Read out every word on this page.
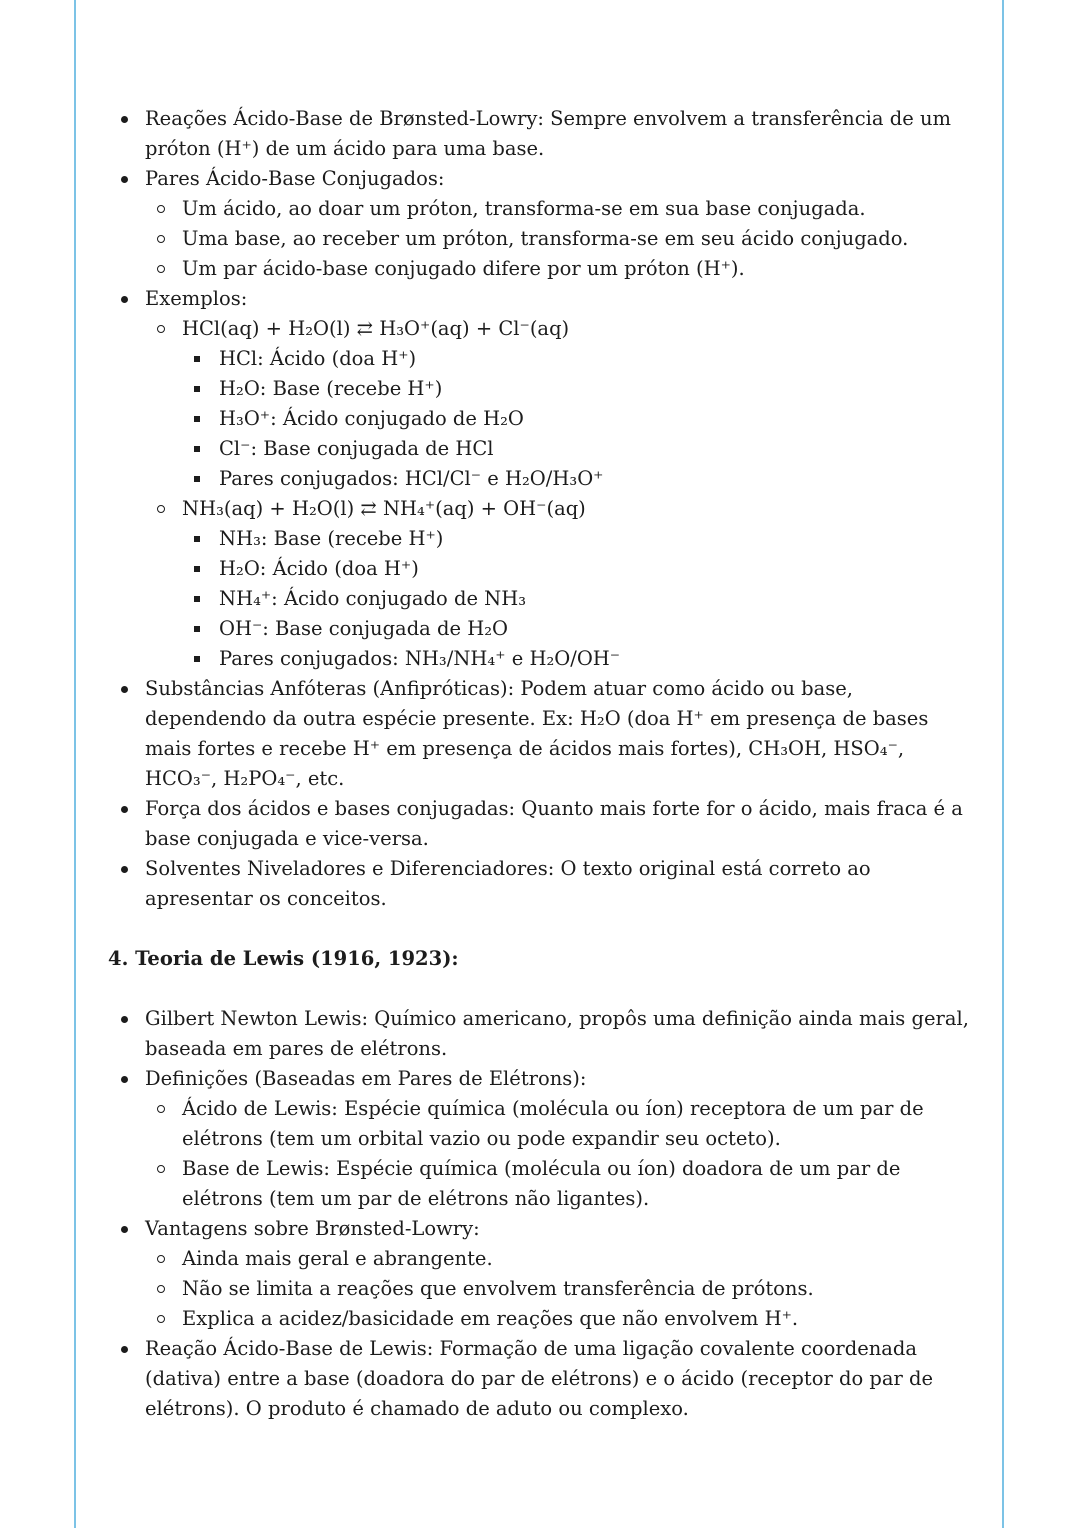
Reações Ácido-Base de Brønsted-Lowry: Sempre envolvem a transferência de um próton (H⁺) de um ácido para uma base.
Pares Ácido-Base Conjugados:
Um ácido, ao doar um próton, transforma-se em sua base conjugada.
Uma base, ao receber um próton, transforma-se em seu ácido conjugado.
Um par ácido-base conjugado difere por um próton (H⁺).
Exemplos:
HCl(aq) + H₂O(l) ⇄ H₃O⁺(aq) + Cl⁻(aq)
HCl: Ácido (doa H⁺)
H₂O: Base (recebe H⁺)
H₃O⁺: Ácido conjugado de H₂O
Cl⁻: Base conjugada de HCl
Pares conjugados: HCl/Cl⁻ e H₂O/H₃O⁺
NH₃(aq) + H₂O(l) ⇄ NH₄⁺(aq) + OH⁻(aq)
NH₃: Base (recebe H⁺)
H₂O: Ácido (doa H⁺)
NH₄⁺: Ácido conjugado de NH₃
OH⁻: Base conjugada de H₂O
Pares conjugados: NH₃/NH₄⁺ e H₂O/OH⁻
Substâncias Anfóteras (Anfipróticas): Podem atuar como ácido ou base, dependendo da outra espécie presente. Ex: H₂O (doa H⁺ em presença de bases mais fortes e recebe H⁺ em presença de ácidos mais fortes), CH₃OH, HSO₄⁻, HCO₃⁻, H₂PO₄⁻, etc.
Força dos ácidos e bases conjugadas: Quanto mais forte for o ácido, mais fraca é a base conjugada e vice-versa.
Solventes Niveladores e Diferenciadores: O texto original está correto ao apresentar os conceitos.
4. Teoria de Lewis (1916, 1923):
Gilbert Newton Lewis: Químico americano, propôs uma definição ainda mais geral, baseada em pares de elétrons.
Definições (Baseadas em Pares de Elétrons):
Ácido de Lewis: Espécie química (molécula ou íon) receptora de um par de elétrons (tem um orbital vazio ou pode expandir seu octeto).
Base de Lewis: Espécie química (molécula ou íon) doadora de um par de elétrons (tem um par de elétrons não ligantes).
Vantagens sobre Brønsted-Lowry:
Ainda mais geral e abrangente.
Não se limita a reações que envolvem transferência de prótons.
Explica a acidez/basicidade em reações que não envolvem H⁺.
Reação Ácido-Base de Lewis: Formação de uma ligação covalente coordenada (dativa) entre a base (doadora do par de elétrons) e o ácido (receptor do par de elétrons). O produto é chamado de aduto ou complexo.
